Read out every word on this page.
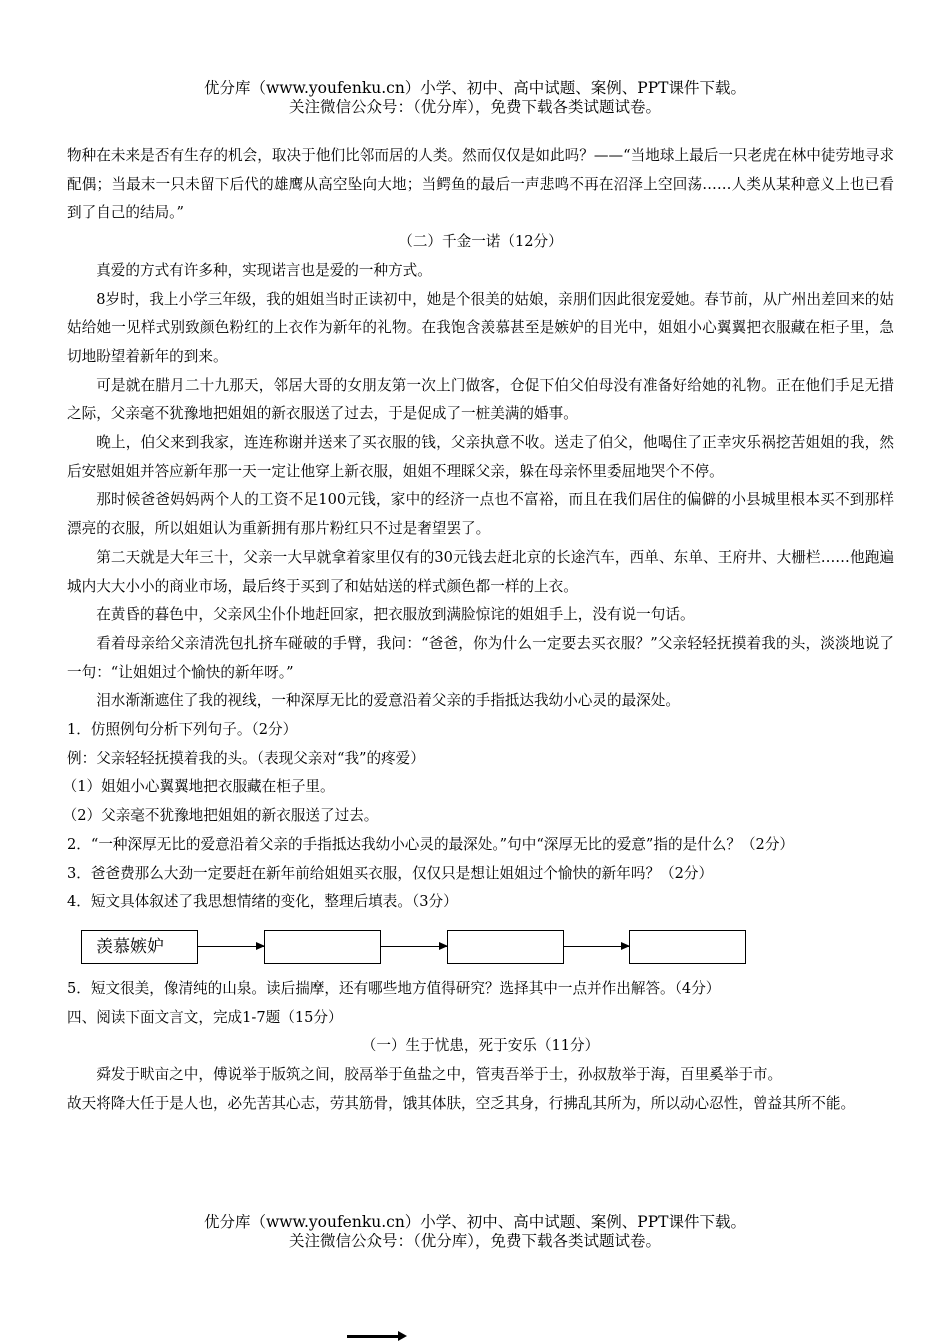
优分库（www.youfenku.cn）小学、初中、高中试题、案例、PPT课件下载。
关注微信公众号：（优分库），免费下载各类试题试卷。

物种在未来是否有生存的机会，取决于他们比邻而居的人类。然而仅仅是如此吗？——“当地球上最后一只老虎在林中徒劳地寻求配偶；当最末一只未留下后代的雄鹰从高空坠向大地；当鳄鱼的最后一声悲鸣不再在沼泽上空回荡……人类从某种意义上也已看到了自己的结局。”

（二）千金一诺（12分）

真爱的方式有许多种，实现诺言也是爱的一种方式。

8岁时，我上小学三年级，我的姐姐当时正读初中，她是个很美的姑娘，亲朋们因此很宠爱她。春节前，从广州出差回来的姑姑给她一见样式别致颜色粉红的上衣作为新年的礼物。在我饱含羡慕甚至是嫉妒的目光中，姐姐小心翼翼把衣服藏在柜子里，急切地盼望着新年的到来。

可是就在腊月二十九那天，邻居大哥的女朋友第一次上门做客，仓促下伯父伯母没有准备好给她的礼物。正在他们手足无措之际，父亲毫不犹豫地把姐姐的新衣服送了过去，于是促成了一桩美满的婚事。

晚上，伯父来到我家，连连称谢并送来了买衣服的钱，父亲执意不收。送走了伯父，他喝住了正幸灾乐祸挖苦姐姐的我，然后安慰姐姐并答应新年那一天一定让他穿上新衣服，姐姐不理睬父亲，躲在母亲怀里委屈地哭个不停。

那时候爸爸妈妈两个人的工资不足100元钱，家中的经济一点也不富裕，而且在我们居住的偏僻的小县城里根本买不到那样漂亮的衣服，所以姐姐认为重新拥有那片粉红只不过是奢望罢了。

第二天就是大年三十，父亲一大早就拿着家里仅有的30元钱去赶北京的长途汽车，西单、东单、王府井、大栅栏……他跑遍城内大大小小的商业市场，最后终于买到了和姑姑送的样式颜色都一样的上衣。

在黄昏的暮色中，父亲风尘仆仆地赶回家，把衣服放到满脸惊诧的姐姐手上，没有说一句话。

看着母亲给父亲清洗包扎挤车碰破的手臂，我问：“爸爸，你为什么一定要去买衣服？”父亲轻轻抚摸着我的头，淡淡地说了一句：“让姐姐过个愉快的新年呀。”

泪水渐渐遮住了我的视线，一种深厚无比的爱意沿着父亲的手指抵达我幼小心灵的最深处。

1．仿照例句分析下列句子。（2分）

例：父亲轻轻抚摸着我的头。（表现父亲对“我”的疼爱）

（1）姐姐小心翼翼地把衣服藏在柜子里。

（2）父亲毫不犹豫地把姐姐的新衣服送了过去。

2．“一种深厚无比的爱意沿着父亲的手指抵达我幼小心灵的最深处。”句中“深厚无比的爱意”指的是什么？（2分）

3．爸爸费那么大劲一定要赶在新年前给姐姐买衣服，仅仅只是想让姐姐过个愉快的新年吗？（2分）

4．短文具体叙述了我思想情绪的变化，整理后填表。（3分）

羡慕嫉妒

5．短文很美，像清纯的山泉。读后揣摩，还有哪些地方值得研究？选择其中一点并作出解答。（4分）

四、阅读下面文言文，完成1-7题（15分）

（一）生于忧患，死于安乐（11分）

舜发于畎亩之中，傅说举于版筑之间，胶鬲举于鱼盐之中，管夷吾举于士，孙叔敖举于海，百里奚举于市。

故天将降大任于是人也，必先苦其心志，劳其筋骨，饿其体肤，空乏其身，行拂乱其所为，所以动心忍性，曾益其所不能。

优分库（www.youfenku.cn）小学、初中、高中试题、案例、PPT课件下载。
关注微信公众号：（优分库），免费下载各类试题试卷。
